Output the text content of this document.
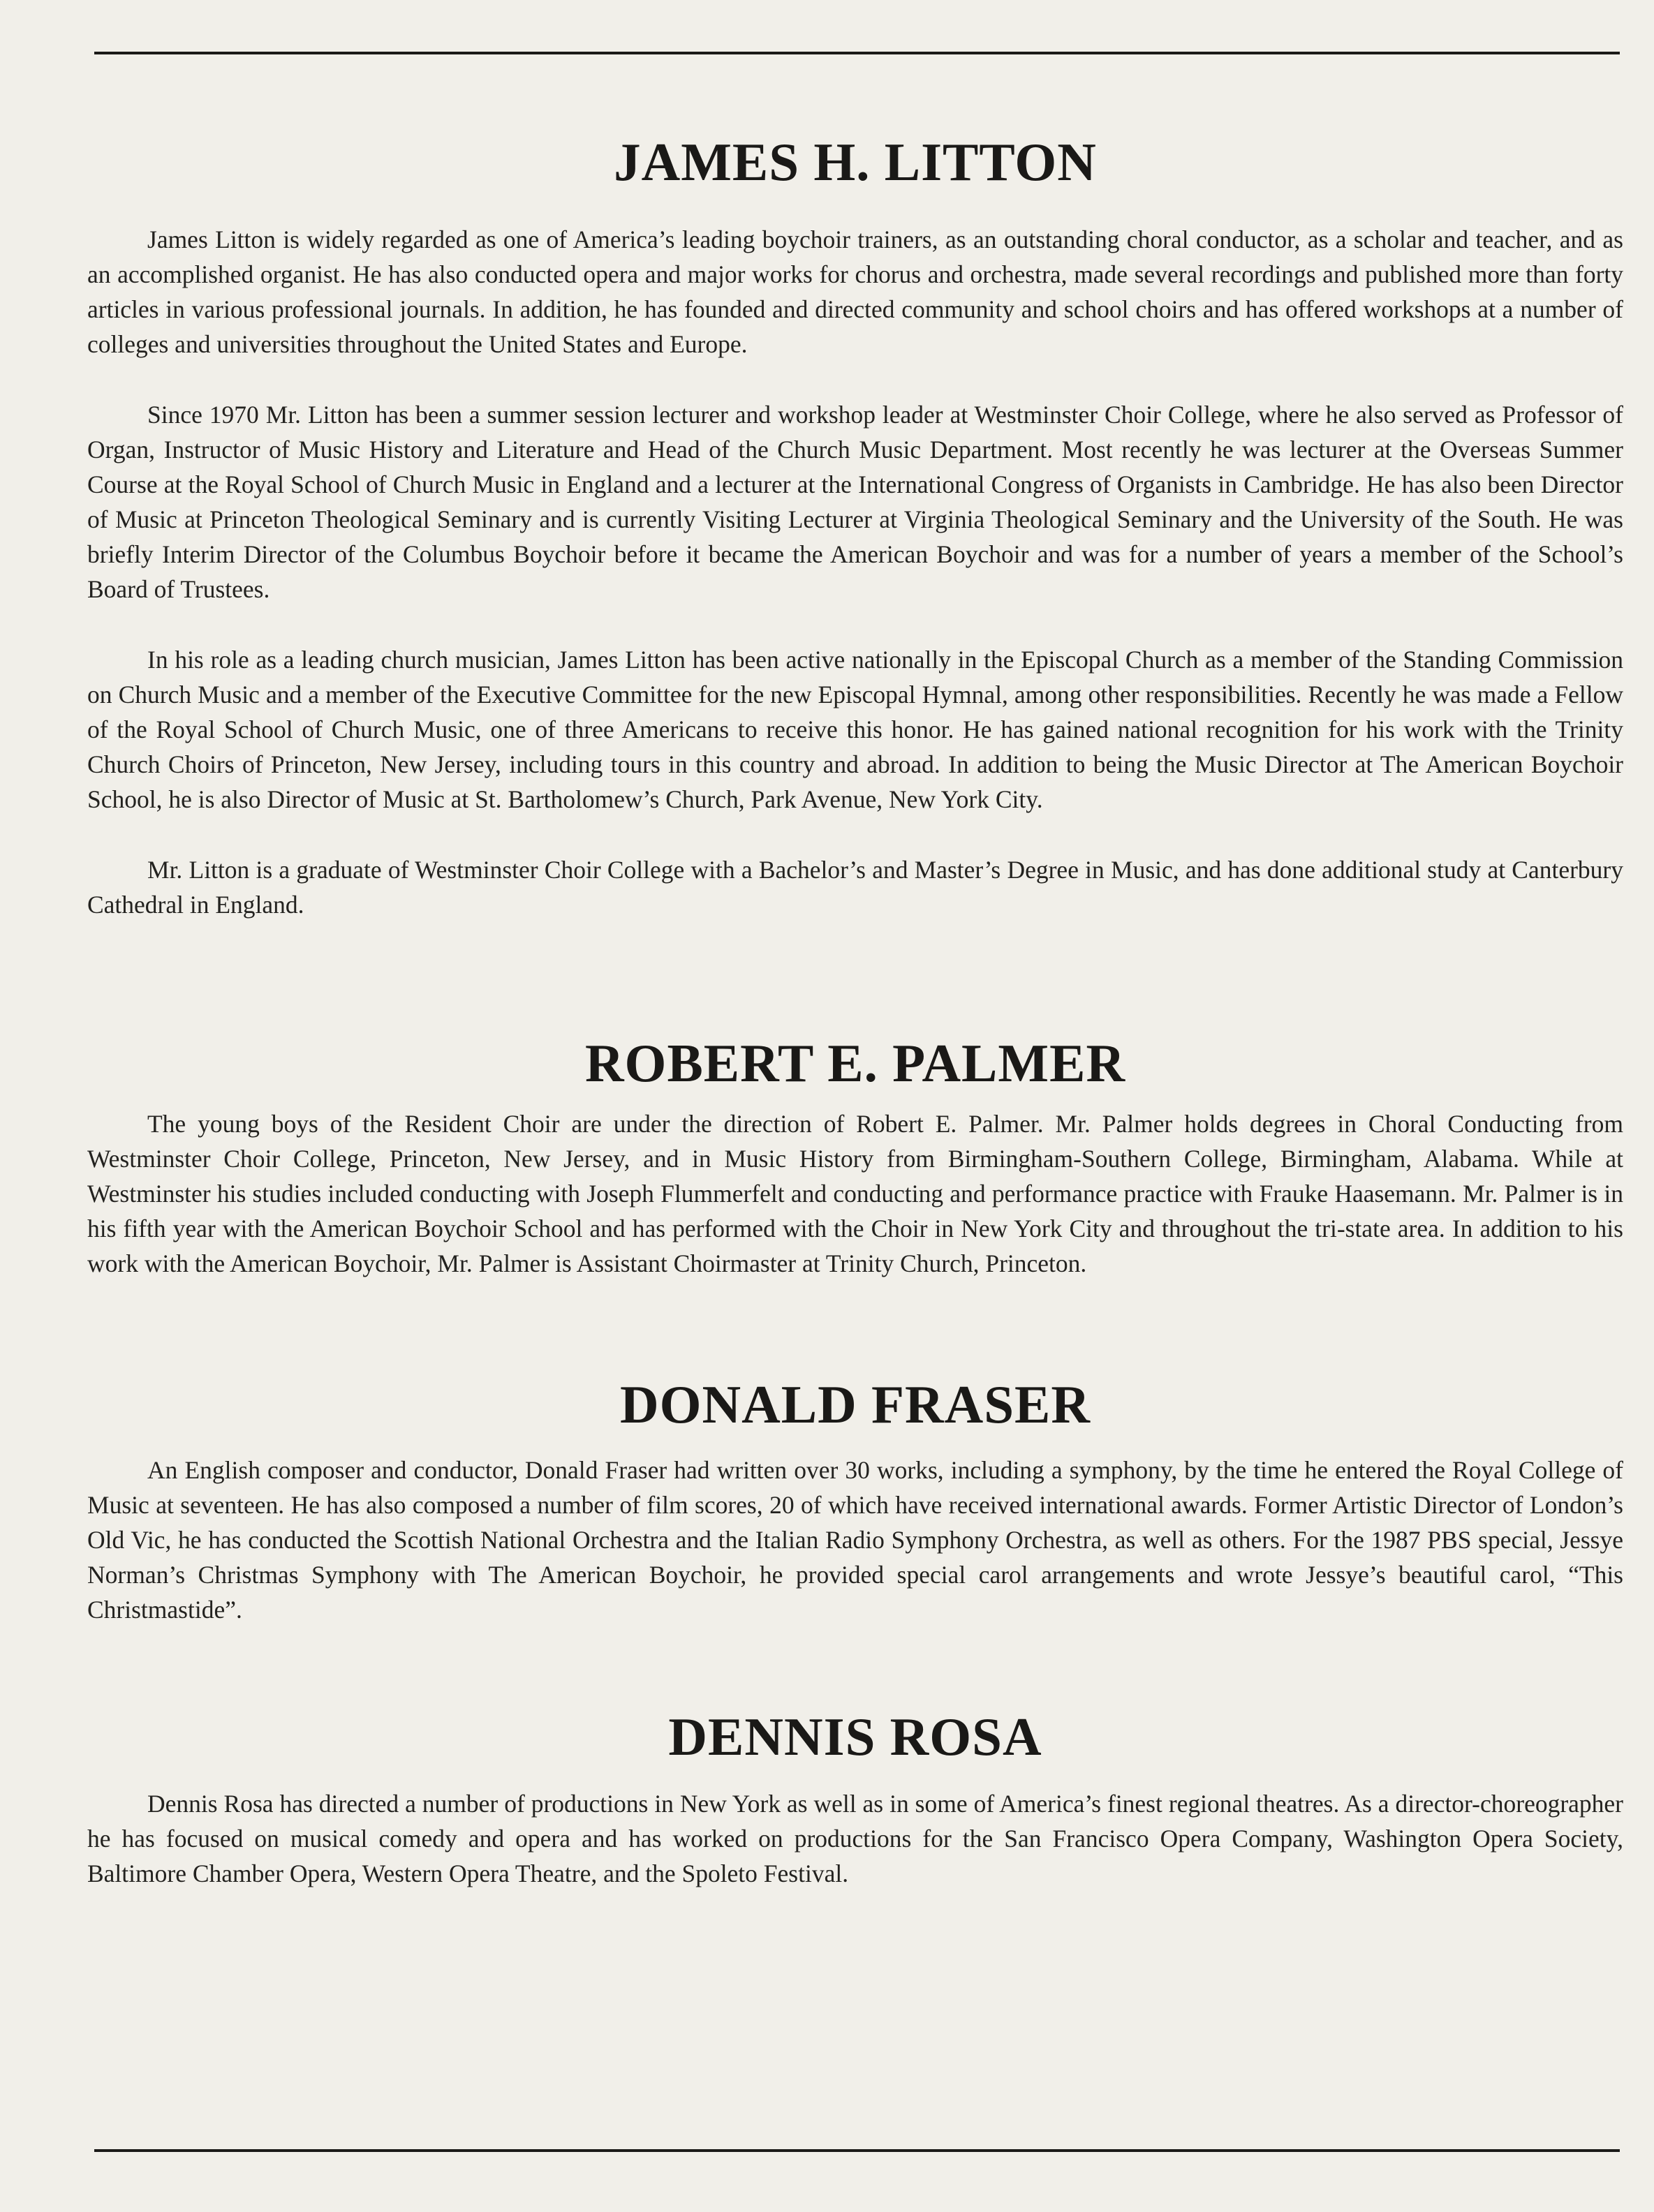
JAMES H. LITTON

James Litton is widely regarded as one of America’s leading boychoir trainers, as an outstanding choral conductor, as a scholar and teacher, and as an accomplished organist. He has also conducted opera and major works for chorus and orchestra, made several recordings and published more than forty articles in various professional journals. In addition, he has founded and directed community and school choirs and has offered workshops at a number of colleges and universities throughout the United States and Europe.

Since 1970 Mr. Litton has been a summer session lecturer and workshop leader at Westminster Choir College, where he also served as Professor of Organ, Instructor of Music History and Literature and Head of the Church Music Department. Most recently he was lecturer at the Overseas Summer Course at the Royal School of Church Music in England and a lecturer at the International Congress of Organists in Cambridge. He has also been Director of Music at Princeton Theological Seminary and is currently Visiting Lecturer at Virginia Theological Seminary and the University of the South. He was briefly Interim Director of the Columbus Boychoir before it became the American Boychoir and was for a number of years a member of the School’s Board of Trustees.

In his role as a leading church musician, James Litton has been active nationally in the Episcopal Church as a member of the Standing Commission on Church Music and a member of the Executive Committee for the new Episcopal Hymnal, among other responsibilities. Recently he was made a Fellow of the Royal School of Church Music, one of three Americans to receive this honor. He has gained national recognition for his work with the Trinity Church Choirs of Princeton, New Jersey, including tours in this country and abroad. In addition to being the Music Director at The American Boychoir School, he is also Director of Music at St. Bartholomew’s Church, Park Avenue, New York City.

Mr. Litton is a graduate of Westminster Choir College with a Bachelor’s and Master’s Degree in Music, and has done additional study at Canterbury Cathedral in England.

ROBERT E. PALMER

The young boys of the Resident Choir are under the direction of Robert E. Palmer. Mr. Palmer holds degrees in Choral Conducting from Westminster Choir College, Princeton, New Jersey, and in Music History from Birmingham-Southern College, Birmingham, Alabama. While at Westminster his studies included conducting with Joseph Flummerfelt and conducting and performance practice with Frauke Haasemann. Mr. Palmer is in his fifth year with the American Boychoir School and has performed with the Choir in New York City and throughout the tri-state area. In addition to his work with the American Boychoir, Mr. Palmer is Assistant Choirmaster at Trinity Church, Princeton.

DONALD FRASER

An English composer and conductor, Donald Fraser had written over 30 works, including a symphony, by the time he entered the Royal College of Music at seventeen. He has also composed a number of film scores, 20 of which have received international awards. Former Artistic Director of London’s Old Vic, he has conducted the Scottish National Orchestra and the Italian Radio Symphony Orchestra, as well as others. For the 1987 PBS special, Jessye Norman’s Christmas Symphony with The American Boychoir, he provided special carol arrangements and wrote Jessye’s beautiful carol, “This Christmastide”.

DENNIS ROSA

Dennis Rosa has directed a number of productions in New York as well as in some of America’s finest regional theatres. As a director-choreographer he has focused on musical comedy and opera and has worked on productions for the San Francisco Opera Company, Washington Opera Society, Baltimore Chamber Opera, Western Opera Theatre, and the Spoleto Festival.
